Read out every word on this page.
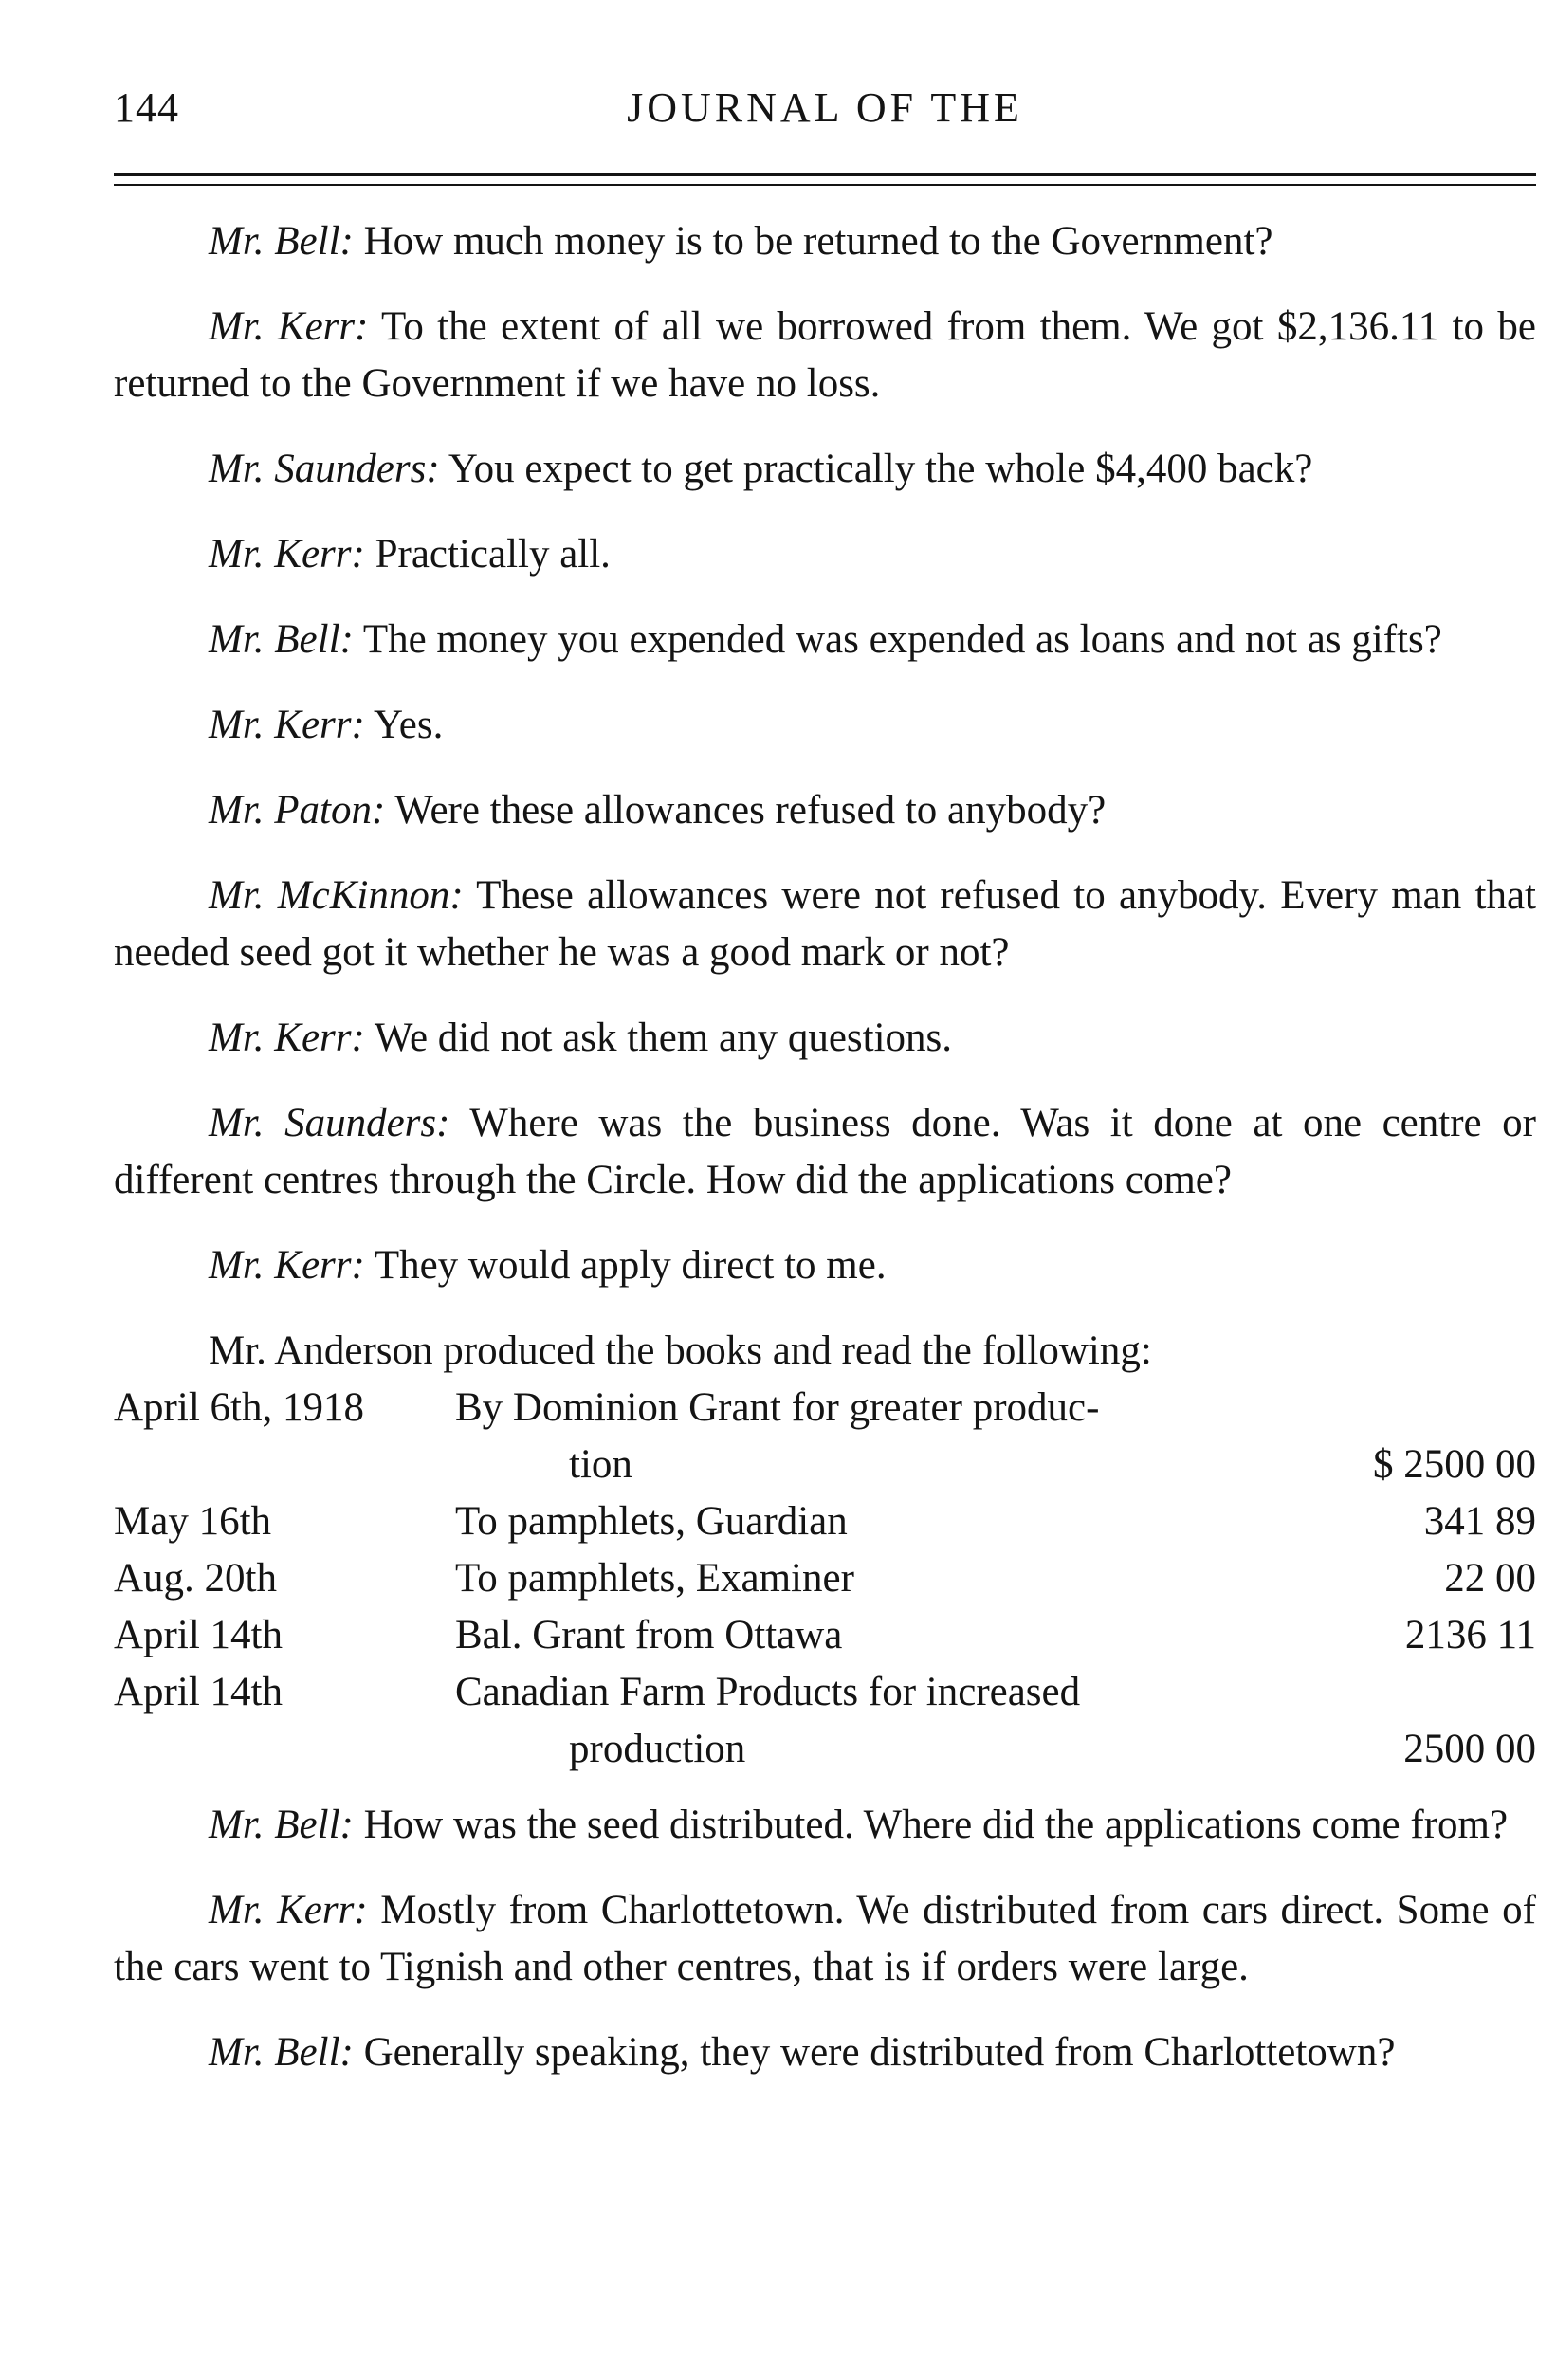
144	JOURNAL OF THE

Mr. Bell: How much money is to be returned to the Government?

Mr. Kerr: To the extent of all we borrowed from them. We got $2,136.11 to be returned to the Government if we have no loss.

Mr. Saunders: You expect to get practically the whole $4,400 back?

Mr. Kerr: Practically all.

Mr. Bell: The money you expended was expended as loans and not as gifts?

Mr. Kerr: Yes.

Mr. Paton: Were these allowances refused to anybody?

Mr. McKinnon: These allowances were not refused to anybody. Every man that needed seed got it whether he was a good mark or not?

Mr. Kerr: We did not ask them any questions.

Mr. Saunders: Where was the business done. Was it done at one centre or different centres through the Circle. How did the applications come?

Mr. Kerr: They would apply direct to me.

Mr. Anderson produced the books and read the following:

April 6th, 1918	By Dominion Grant for greater produc-
tion	$ 2500 00

May 16th	To pamphlets, Guardian	341 89

Aug. 20th	To pamphlets, Examiner	22 00

April 14th	Bal. Grant from Ottawa	2136 11

April 14th	Canadian Farm Products for increased
production	2500 00

Mr. Bell: How was the seed distributed. Where did the applications come from?

Mr. Kerr: Mostly from Charlottetown. We distributed from cars direct. Some of the cars went to Tignish and other centres, that is if orders were large.

Mr. Bell: Generally speaking, they were distributed from Charlottetown?
